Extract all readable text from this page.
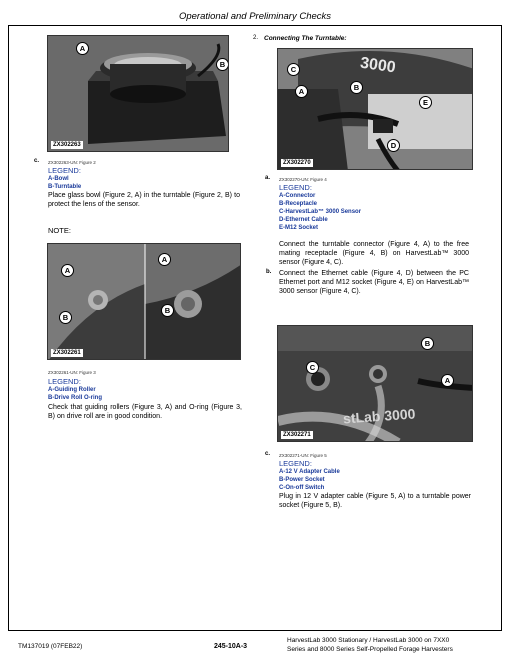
Operational and Preliminary Checks
A
B
ZX302263
c. ZX302263-UN: Figure 2
LEGEND:
A-Bowl
B-Turntable
Place glass bowl (Figure 2, A) in the turntable (Figure 2, B) to protect the lens of the sensor.
NOTE:
A
B
A
B
ZX302261
ZX302261-UN: Figure 3
LEGEND:
A-Guiding Roller
B-Drive Roll O-ring
Check that guiding rollers (Figure 3, A) and O-ring (Figure 3, B) on drive roll are in good condition.
2. Connecting The Turntable:
3000
C
A	B
E
D
ZX302270
a. ZX302270-UN: Figure 4
LEGEND:
A-Connector
B-Receptacle
C-HarvestLab™ 3000 Sensor
D-Ethernet Cable
E-M12 Socket
Connect the turntable connector (Figure 4, A) to the free mating receptacle (Figure 4, B) on HarvestLab™ 3000 sensor (Figure 4, C).
b. Connect the Ethernet cable (Figure 4, D) between the PC Ethernet port and M12 socket (Figure 4, E) on HarvestLab™ 3000 sensor (Figure 4, C).
stLab 3000
C
B
A
ZX302271
c. ZX302271-UN: Figure 5
LEGEND:
A-12 V Adapter Cable
B-Power Socket
C-On-off Switch
Plug in 12 V adapter cable (Figure 5, A) to a turntable power socket (Figure 5, B).
TM137019 (07FEB22)	245-10A-3
HarvestLab 3000 Stationary / HarvestLab 3000 on 7XX0
Series and 8000 Series Self-Propelled Forage Harvesters
